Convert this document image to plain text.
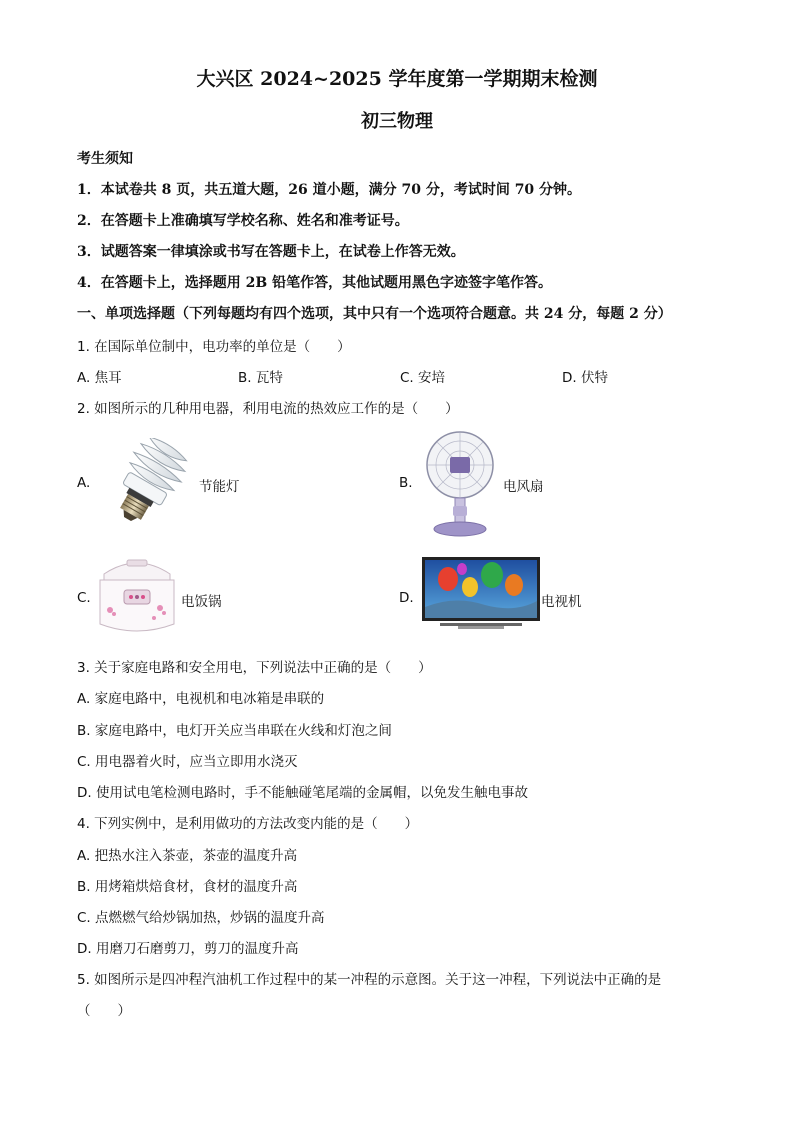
大兴区 2024~2025 学年度第一学期期末检测
初三物理
考生须知
1．本试卷共 8 页，共五道大题，26 道小题，满分 70 分，考试时间 70 分钟。
2．在答题卡上准确填写学校名称、姓名和准考证号。
3．试题答案一律填涂或书写在答题卡上，在试卷上作答无效。
4．在答题卡上，选择题用 2B 铅笔作答，其他试题用黑色字迹签字笔作答。
一、单项选择题（下列每题均有四个选项，其中只有一个选项符合题意。共 24 分，每题 2 分）
1. 在国际单位制中，电功率的单位是（　　）
A. 焦耳	B. 瓦特	C. 安培	D. 伏特
2. 如图所示的几种用电器，利用电流的热效应工作的是（　　）
A.	节能灯	B.	电风扇
C.	电饭锅	D.	电视机
3. 关于家庭电路和安全用电，下列说法中正确的是（　　）
A. 家庭电路中，电视机和电冰箱是串联的
B. 家庭电路中，电灯开关应当串联在火线和灯泡之间
C. 用电器着火时，应当立即用水浇灭
D. 使用试电笔检测电路时，手不能触碰笔尾端的金属帽，以免发生触电事故
4. 下列实例中，是利用做功的方法改变内能的是（　　）
A. 把热水注入茶壶，茶壶的温度升高
B. 用烤箱烘焙食材，食材的温度升高
C. 点燃燃气给炒锅加热，炒锅的温度升高
D. 用磨刀石磨剪刀，剪刀的温度升高
5. 如图所示是四冲程汽油机工作过程中的某一冲程的示意图。关于这一冲程，下列说法中正确的是
（　　）
